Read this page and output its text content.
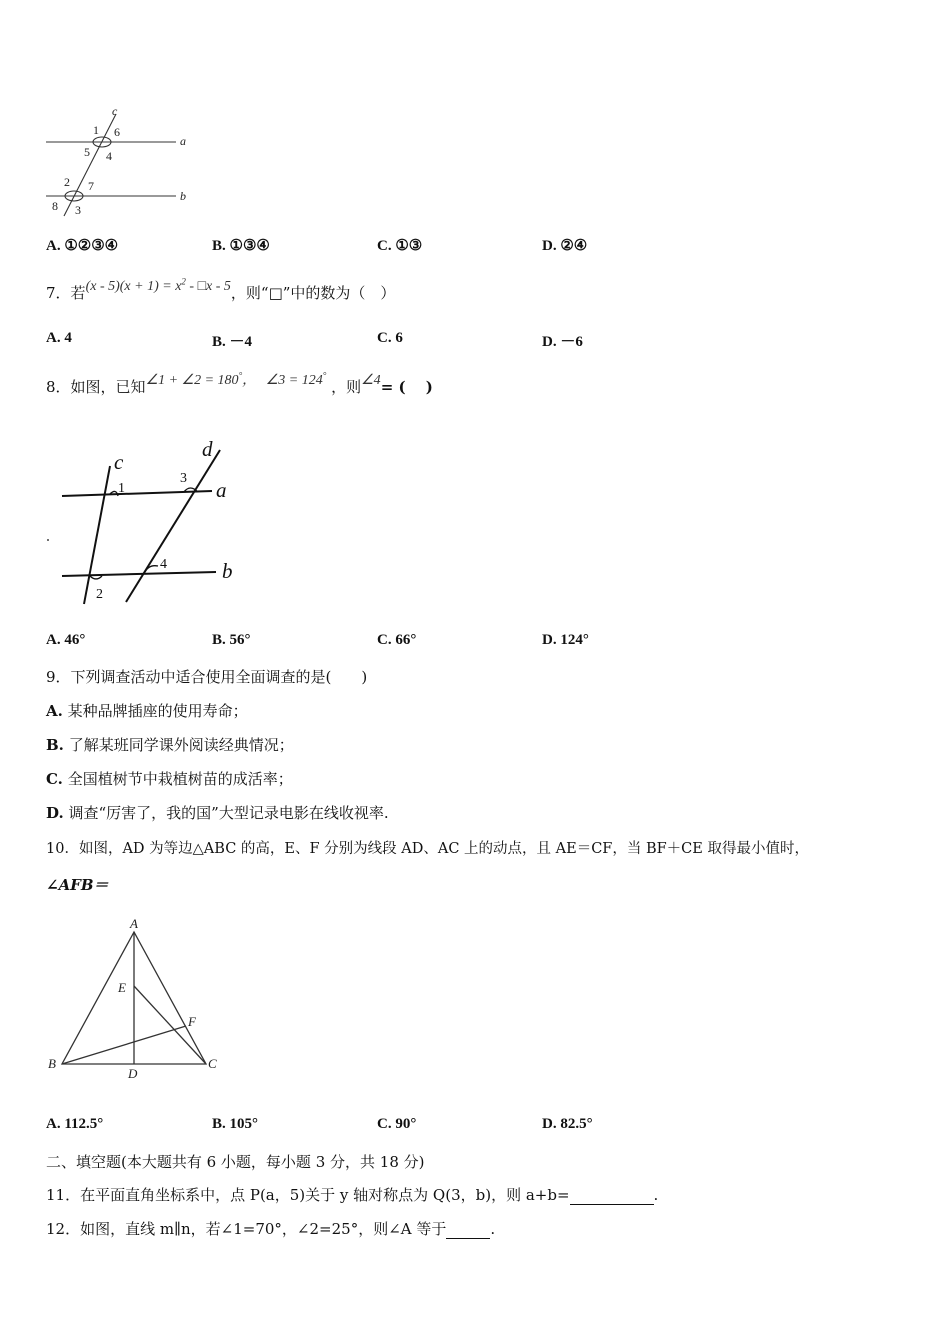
c
a
b
1 6
5 4
2 7
8 3
A. ①②③④	B. ①③④	C. ①③	D. ②④
7．若$(x - 5)(x + 1) = x^2$ - □x - 5，则“□”中的数为（　）
A. 4	B. －4	C. 6	D. －6
8．如图，已知∠1 + ∠2 = 180°， ∠3 = 124° ，则∠4= (　 )
c
d
a
b
1
3
4
2
A. 46°	B. 56°	C. 66°	D. 124°
9．下列调查活动中适合使用全面调查的是(　　)
A. 某种品牌插座的使用寿命；
B. 了解某班同学课外阅读经典情况；
C. 全国植树节中栽植树苗的成活率；
D. 调查“厉害了，我的国”大型记录电影在线收视率.
10．如图，AD 为等边△ABC 的高，E、F 分别为线段 AD、AC 上的动点，且 AE＝CF，当 BF＋CE 取得最小值时，
∠AFB＝
A
E
F
B
D
C
A. 112.5°	B. 105°	C. 90°	D. 82.5°
二、填空题(本大题共有 6 小题，每小题 3 分，共 18 分)
11．在平面直角坐标系中，点 P(a，5)关于 y 轴对称点为 Q(3，b)，则 a+b=	.
12．如图，直线 m∥n，若∠1=70°，∠2=25°，则∠A 等于	.
